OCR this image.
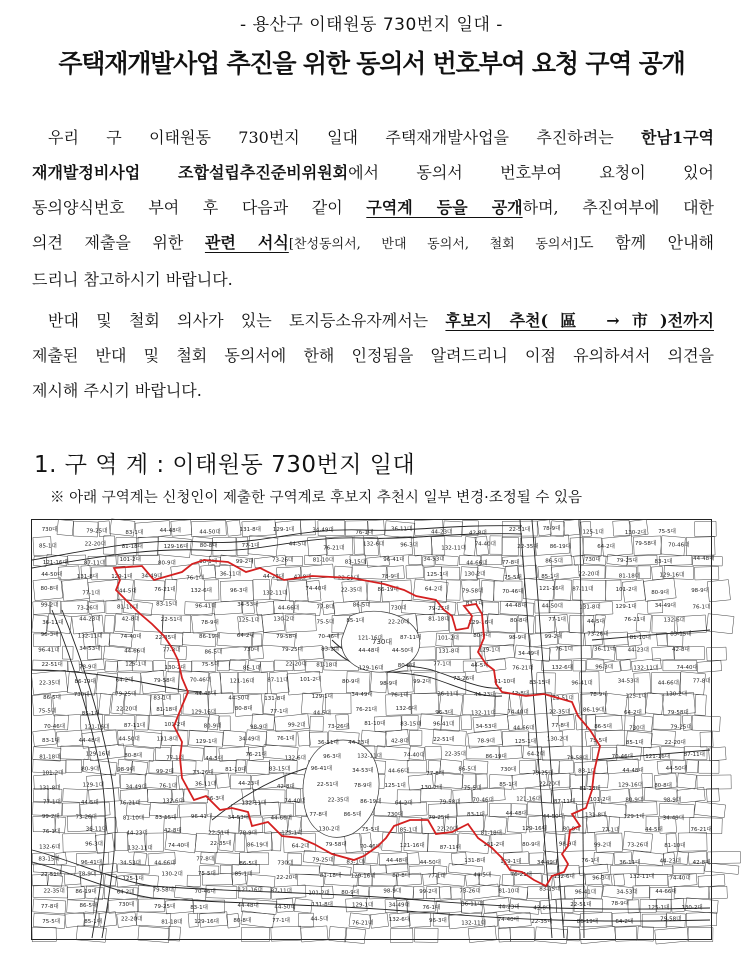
- 용산구 이태원동 730번지 일대 -
주택재개발사업 추진을 위한 동의서 번호부여 요청 구역 공개
 우리 구 이태원동 730번지 일대 주택재개발사업을 추진하려는 한남1구역
재개발정비사업 조합설립추진준비위원회에서 동의서 번호부여 요청이 있어
동의양식번호 부여 후 다음과 같이 구역계 등을 공개하며, 추진여부에 대한
의견 제출을 위한 관련 서식[찬성동의서, 반대 동의서, 철회 동의서]도 함께 안내해
드리니 참고하시기 바랍니다.
 반대 및 철회 의사가 있는 토지등소유자께서는 후보지 추천(區 →市)전까지
제출된 반대 및 철회 동의서에 한해 인정됨을 알려드리니 이점 유의하셔서 의견을
제시해 주시기 바랍니다.
1. 구 역 계 : 이태원동 730번지 일대
※ 아래 구역계는 신청인이 제출한 구역계로 후보지 추천시 일부 변경·조정될 수 있음
730대	79-25대	83-1대	44-48대	44-50대	131-8대 129-1대	34-49대	76-1대
36-11대	44-23대	42-8대
22-51대 78-9대
125-1대	130-2대 75-5대
85-1대	22-20대	81-18대	129-16대 80-8대	77-1대	44-5대
76-21대
132-6대	96-3대	132-11대
74-40대	22-35대 86-19대	64-2대	79-58대 70-46대
121-16대	87-11대
101-2대
80-9대	98-9대	99-2대	73-26대	81-10대 83-15대	96-41대	34-53대
44-66대	77-8대	86-5대	730대	79-25대	83-1대	44-48대
44-50대	131-8대 129-1대 34-49대	76-1대
36-11대	44-23대 42-8대	22-51대	78-9대	125-1대	130-2대
75-5대	85-1대	22-20대	81-18대	129-16대
80-8대
77-1대	44-5대	76-21대	132-6대	96-3대	132-11대
74-40대	22-35대	86-19대	64-2대	79-58대	70-46대	121-16대 87-11대	101-2대
80-9대	98-9대
99-2대
73-26대	81-10대
83-15대	96-41대	34-53대
44-66대	77-8대	86-5대
730대	79-25대
83-1대	44-48대	44-50대	131-8대	129-1대	34-49대	76-1대
36-11대
44-23대	42-8대	22-51대	78-9대	125-1대 130-2대	75-5대 85-1대	22-20대
81-18대
129-16대	80-8대	77-1대	44-5대	76-21대	132-6대
96-3대	132-11대	74-40대 22-35대	86-19대	64-2대	79-58대	70-46대	121-16대	87-11대	101-2대	80-9대	98-9대	99-2대	73-26대
81-10대
83-15대
96-41대	34-53대	44-66대	77-8대	86-5대	730대	79-25대	83-1대	44-48대 44-50대	131-8대	129-1대
34-49대
76-1대	36-11대 44-23대	42-8대
22-51대	78-9대
125-1대
130-2대	75-5대
85-1대
22-20대 81-18대
129-16대	80-8대	77-1대	44-5대	76-21대	132-6대	96-3대	132-11대	74-40대
22-35대	86-19대	64-2대	79-58대	70-46대	121-16대 87-11대 101-2대	80-9대	98-9대	99-2대	73-26대	81-10대	83-15대	96-41대	34-53대	44-66대	77-8대
86-5대 730대	79-25대
83-1대
44-48대
44-50대	131-8대	129-1대	34-49대	76-1대	36-11대	44-23대	42-8대
22-51대
78-9대	125-1대	130-2대
75-5대	85-1대
22-20대	81-18대	129-16대
80-8대	77-1대	44-5대
76-21대	132-6대
96-3대	132-11대 74-40대	22-35대 86-19대	64-2대	79-58대
70-46대	121-16대	87-11대	101-2대	80-9대	98-9대	99-2대	73-26대	81-10대	83-15대 96-41대	34-53대	44-66대	77-8대	86-5대	730대	79-25대
83-1대	44-48대	44-50대	131-8대	129-1대	34-49대	76-1대
36-11대 44-23대	42-8대	22-51대	78-9대	125-1대 130-2대	75-5대	85-1대	22-20대
81-18대	129-16대 80-8대	77-1대	44-5대
76-21대
132-6대	96-3대	132-11대	74-40대	22-35대	86-19대	64-2대
79-58대	70-46대 121-16대 87-11대
101-2대
80-9대	98-9대	99-2대	73-26대
81-10대	83-15대	96-41대	34-53대	44-66대	77-8대
86-5대	730대
79-25대	83-1대	44-48대	44-50대
131-8대	129-1대	34-49대 76-1대	36-11대	44-23대	42-8대	22-51대	78-9대 125-1대	130-2대	75-5대
85-1대	22-20대
81-18대
129-16대 80-8대
77-1대	44-5대	76-21대	132-6대	96-3대
132-11대	74-40대	22-35대 86-19대 64-2대	79-58대 70-46대	121-16대 87-11대	101-2대	80-9대	98-9대
99-2대	73-26대	81-10대 83-15대	96-41대	34-53대	44-66대
77-8대	86-5대	730대	79-25대	83-1대	44-48대	44-50대	131-8대	129-1대	34-49대
76-1대	36-11대
44-23대	42-8대	22-51대 78-9대	125-1대
130-2대	75-5대	85-1대	22-20대
81-18대
129-16대	80-8대	77-1대	44-5대	76-21대
132-6대	96-3대
132-11대	74-40대	22-35대	86-19대	64-2대	79-58대 70-46대	121-16대	87-11대	101-2대	80-9대	98-9대	99-2대	73-26대	81-10대
83-15대
96-41대	34-53대 44-66대
77-8대
86-5대	730대	79-25대 83-1대	44-48대 44-50대	131-8대	129-1대	34-49대	76-1대	36-11대	44-23대 42-8대
22-51대	78-9대
125-1대
130-2대	75-5대	85-1대
22-20대	81-18대 129-16대	80-8대	77-1대	44-5대	76-21대	132-6대	96-3대	132-11대	74-40대
22-35대 86-19대	64-2대	79-58대	70-46대	121-16대 87-11대	101-2대 80-9대	98-9대	99-2대	73-26대	81-10대	83-15대	96-41대	34-53대	44-66대
77-8대	86-5대	730대	79-25대	83-1대	44-48대	44-50대	131-8대	129-1대	34-49대 76-1대
36-11대	44-23대	42-8대
22-51대	78-9대
125-1대 130-2대
75-5대	85-1대	22-20대	81-18대 129-16대	80-8대	77-1대	44-5대
76-21대
132-6대	96-3대	132-11대
74-40대 22-35대	86-19대	64-2대	79-58대
730대
